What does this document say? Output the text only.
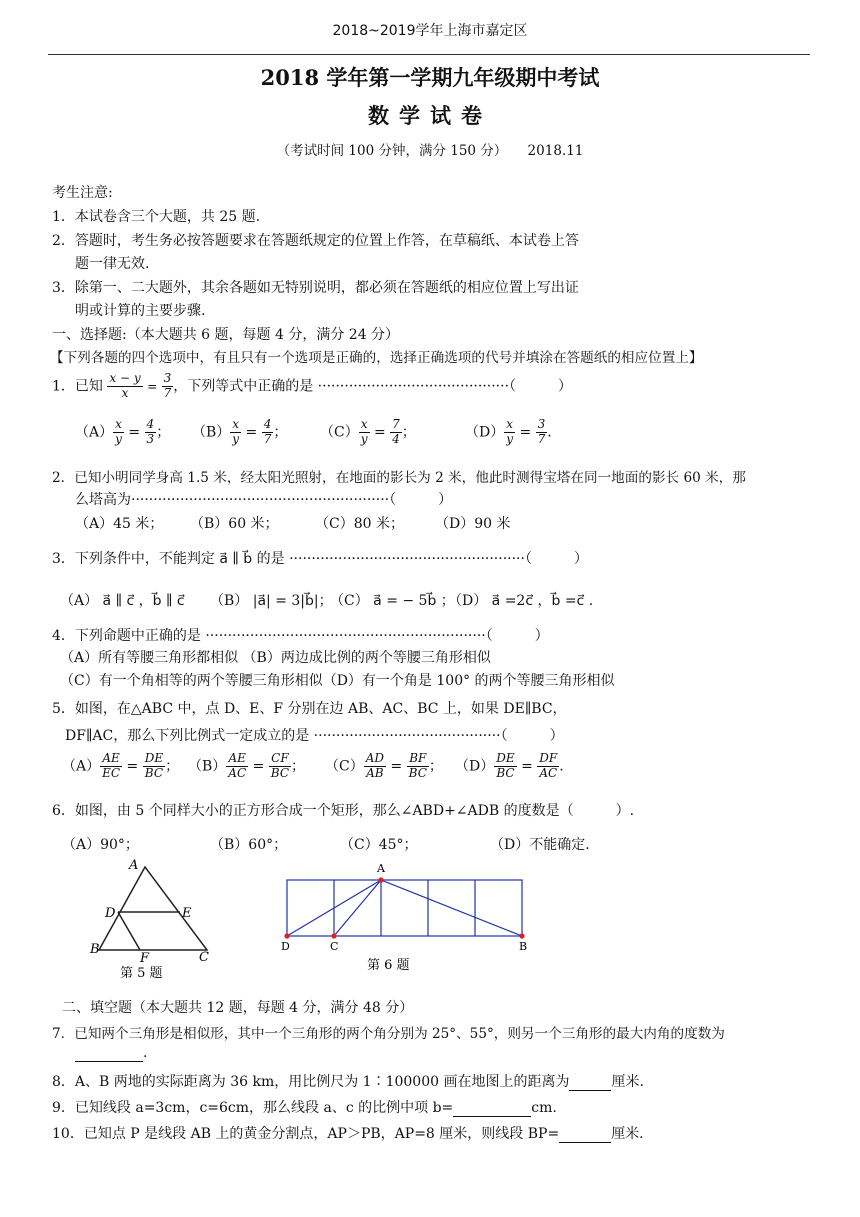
2018~2019学年上海市嘉定区
2018 学年第一学期九年级期中考试
数学试卷
（考试时间 100 分钟，满分 150 分）　　2018.11
考生注意:
1．本试卷含三个大题，共 25 题.
2．答题时，考生务必按答题要求在答题纸规定的位置上作答，在草稿纸、本试卷上答
题一律无效.
3．除第一、二大题外，其余各题如无特别说明，都必须在答题纸的相应位置上写出证
明或计算的主要步骤.
一、选择题:（本大题共 6 题，每题 4 分，满分 24 分）
【下列各题的四个选项中，有且只有一个选项是正确的，选择正确选项的代号并填涂在答题纸的相应位置上】
1．已知 $\frac{x - y}{x} = \frac{3}{7}$ ，下列等式中正确的是 ···········································（　　　）
$(A) \frac{x}{y} = \frac{4}{3}$ ； $(B) \frac{x}{y} = \frac{4}{7}$ ； $(C) \frac{x}{y} = \frac{7}{4}$ ；	$(D) \frac{x}{y} = \frac{3}{7}$ .
2．已知小明同学身高 1.5 米，经太阳光照射，在地面的影长为 2 米，他此时测得宝塔在同一地面的影长 60 米，那
么塔高为··························································（　　　）
（A）45 米； （B）60 米；	（C）80 米； （D）90 米
3．下列条件中，不能判定 a⃗ ∥ b⃗ 的是 ·····················································（　　　）
（A） a⃗ ∥ c⃗ ，b⃗ ∥ c⃗ （B） |a⃗| = 3|b⃗|；
（C） a⃗ = − 5b⃗ ；
（D） a⃗ =2c⃗ ，b⃗ =c⃗ .
4．下列命题中正确的是 ·······························································（　　　）
（A）所有等腰三角形都相似 （B）两边成比例的两个等腰三角形相似
（C）有一个角相等的两个等腰三角形相似（D）有一个角是 100° 的两个等腰三角形相似
5．如图，在△ABC 中，点 D、E、F 分别在边 AB、AC、BC 上，如果 DE∥BC，
DF∥AC，那么下列比例式一定成立的是 ··········································（　　　）
$(A) \frac{AE}{EC} = \frac{DE}{BC}$ ； $(B) \frac{AE}{AC} = \frac{CF}{BC}$ ； $(C) \frac{AD}{AB} = \frac{BF}{BC}$ ； $(D) \frac{DE}{BC} = \frac{DF}{AC}$ .
6．如图，由 5 个同样大小的正方形合成一个矩形，那么∠ABD+∠ADB 的度数是（　　　）.
（A）90°；	（B）60°；	（C）45°；	（D）不能确定.
A
D	E
B
F	C
第 5 题
A
D	C	B
第 6 题
二、填空题（本大题共 12 题，每题 4 分，满分 48 分）
7．已知两个三角形是相似形，其中一个三角形的两个角分别为 25°、55°，则另一个三角形的最大内角的度数为
.
8．A、B 两地的实际距离为 36 km，用比例尺为 1∶100000 画在地图上的距离为	厘米.
9．已知线段 a=3cm，c=6cm，那么线段 a、c 的比例中项 b=	cm.
10．已知点 P 是线段 AB 上的黄金分割点，AP＞PB，AP=8 厘米，则线段 BP=	厘米.
